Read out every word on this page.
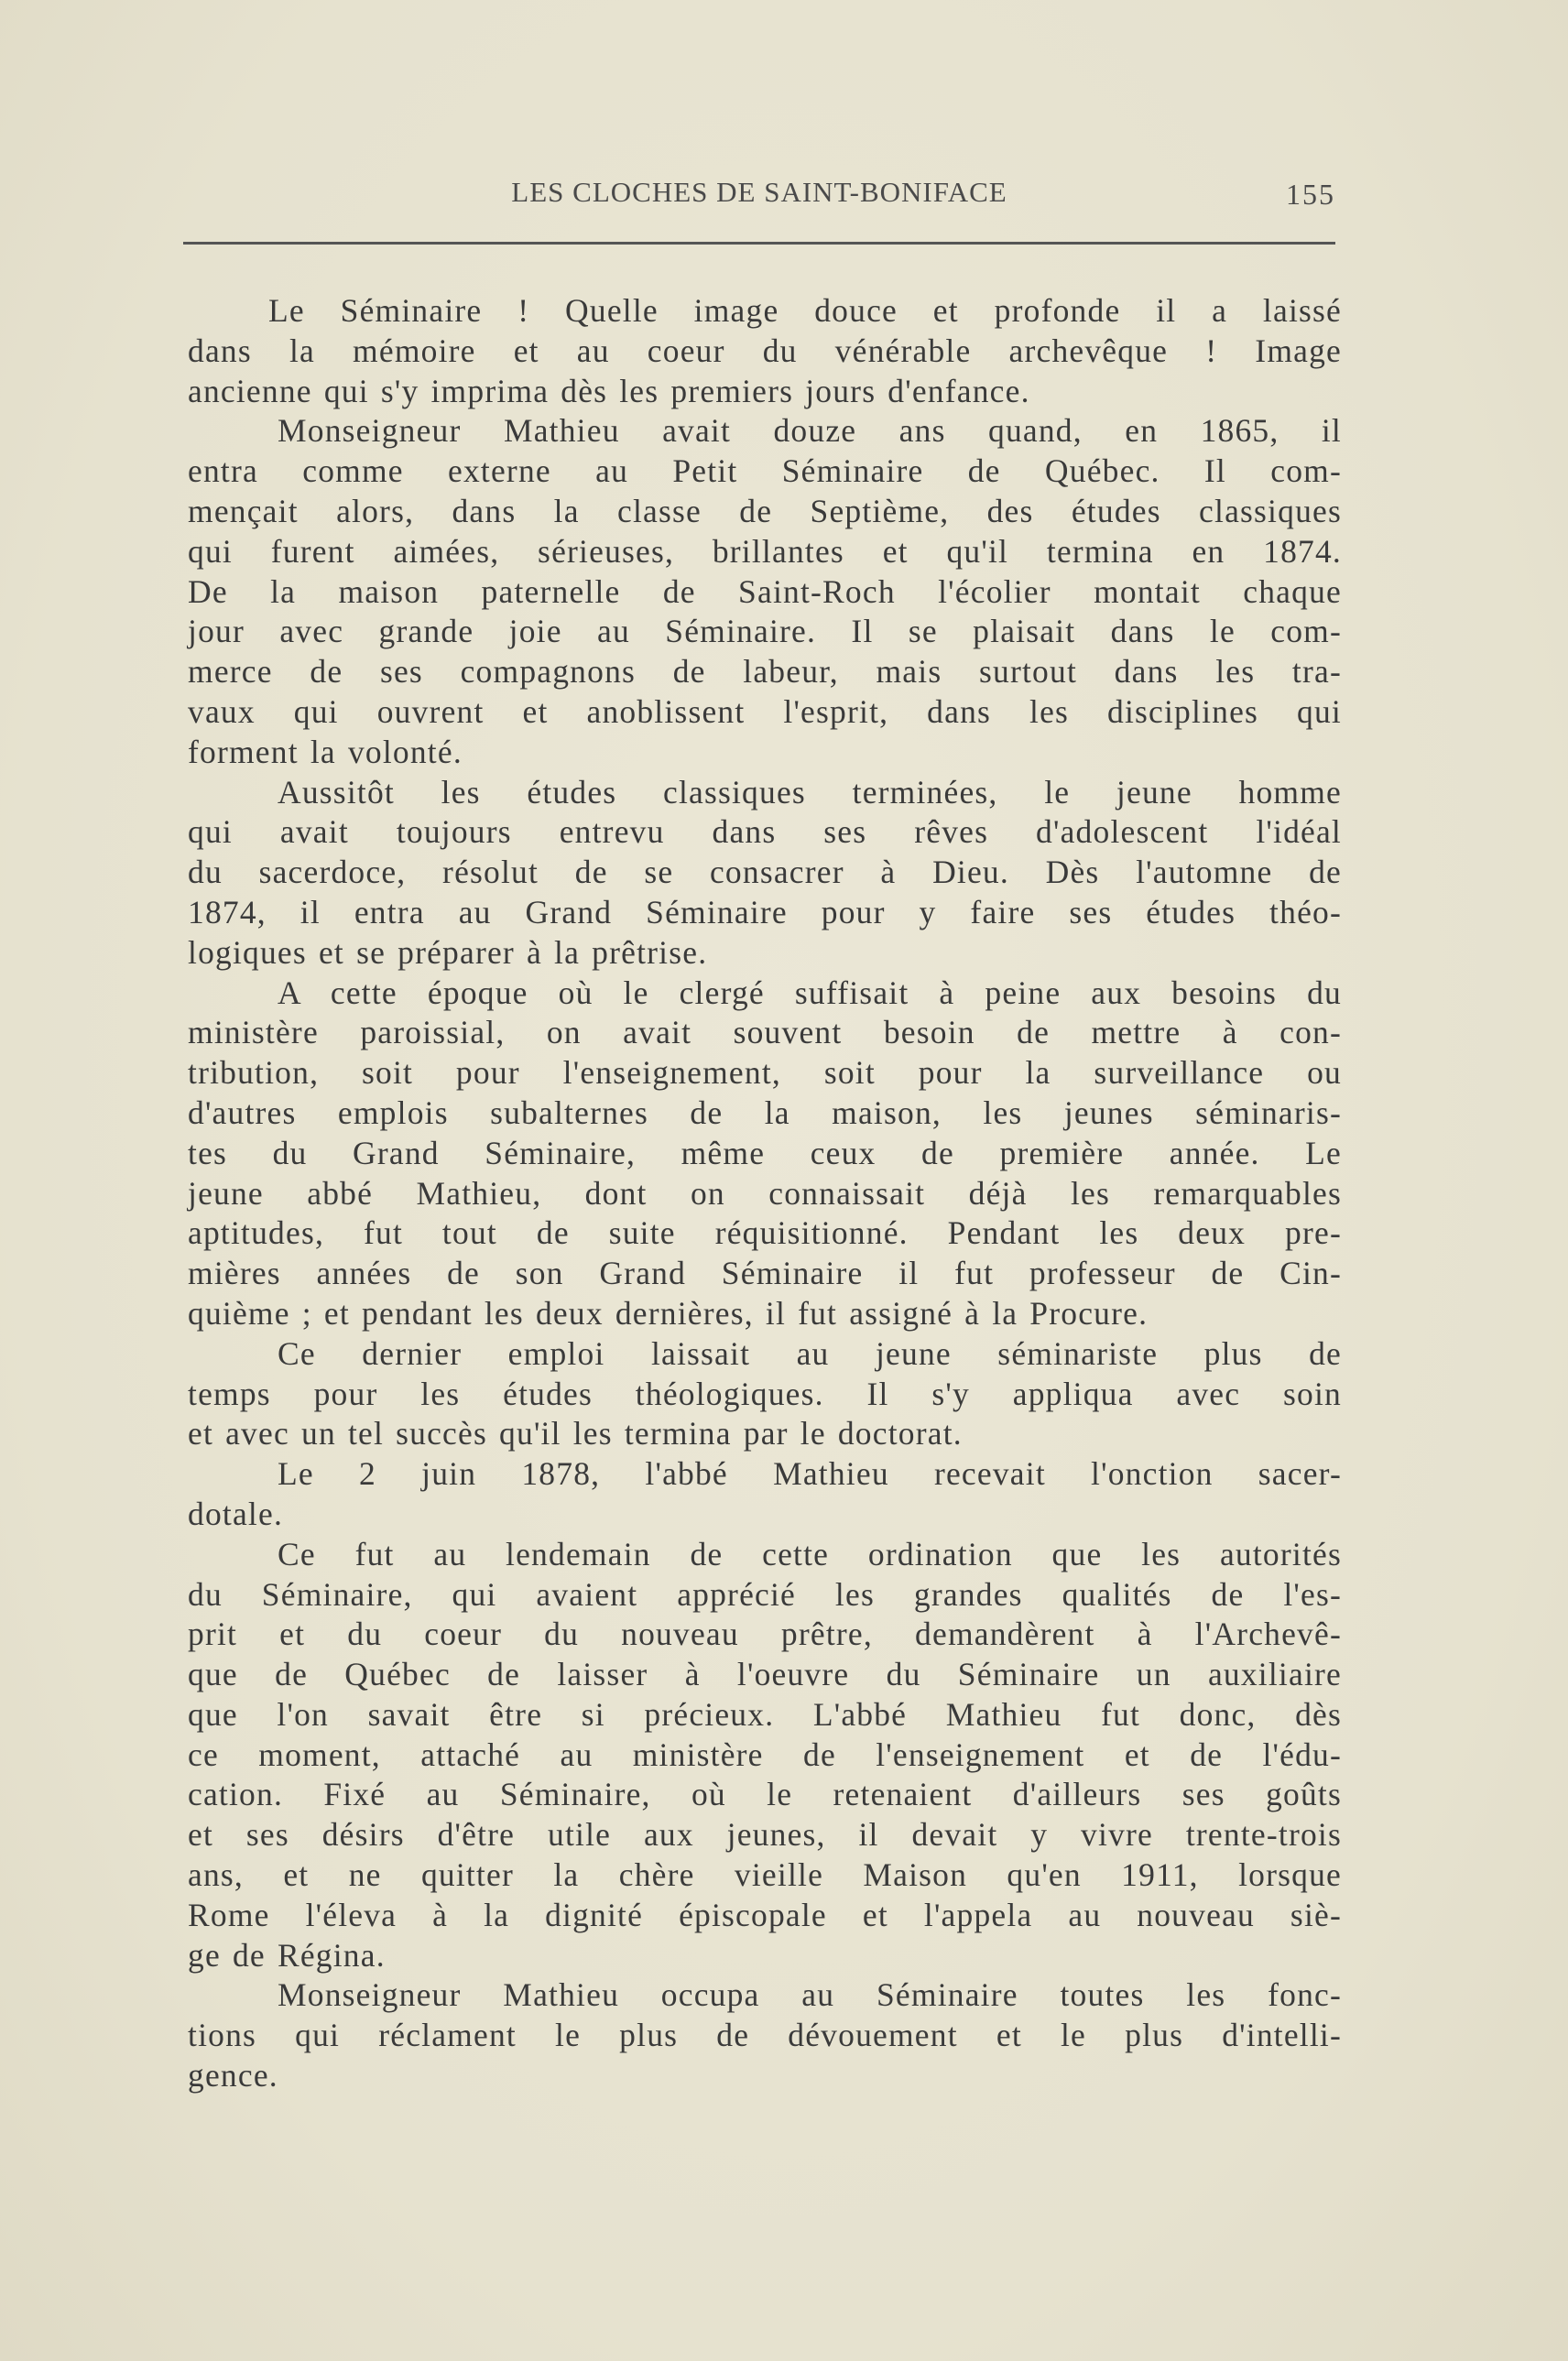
LES CLOCHES DE SAINT-BONIFACE	155
Le Séminaire ! Quelle image douce et profonde il a laissé
dans la mémoire et au coeur du vénérable archevêque ! Image
ancienne qui s'y imprima dès les premiers jours d'enfance.
Monseigneur Mathieu avait douze ans quand, en 1865, il
entra comme externe au Petit Séminaire de Québec. Il com-
mençait alors, dans la classe de Septième, des études classiques
qui furent aimées, sérieuses, brillantes et qu'il termina en 1874.
De la maison paternelle de Saint-Roch l'écolier montait chaque
jour avec grande joie au Séminaire. Il se plaisait dans le com-
merce de ses compagnons de labeur, mais surtout dans les tra-
vaux qui ouvrent et anoblissent l'esprit, dans les disciplines qui
forment la volonté.
Aussitôt les études classiques terminées, le jeune homme
qui avait toujours entrevu dans ses rêves d'adolescent l'idéal
du sacerdoce, résolut de se consacrer à Dieu. Dès l'automne de
1874, il entra au Grand Séminaire pour y faire ses études théo-
logiques et se préparer à la prêtrise.
A cette époque où le clergé suffisait à peine aux besoins du
ministère paroissial, on avait souvent besoin de mettre à con-
tribution, soit pour l'enseignement, soit pour la surveillance ou
d'autres emplois subalternes de la maison, les jeunes séminaris-
tes du Grand Séminaire, même ceux de première année. Le
jeune abbé Mathieu, dont on connaissait déjà les remarquables
aptitudes, fut tout de suite réquisitionné. Pendant les deux pre-
mières années de son Grand Séminaire il fut professeur de Cin-
quième ; et pendant les deux dernières, il fut assigné à la Procure.
Ce dernier emploi laissait au jeune séminariste plus de
temps pour les études théologiques. Il s'y appliqua avec soin
et avec un tel succès qu'il les termina par le doctorat.
Le 2 juin 1878, l'abbé Mathieu recevait l'onction sacer-
dotale.
Ce fut au lendemain de cette ordination que les autorités
du Séminaire, qui avaient apprécié les grandes qualités de l'es-
prit et du coeur du nouveau prêtre, demandèrent à l'Archevê-
que de Québec de laisser à l'oeuvre du Séminaire un auxiliaire
que l'on savait être si précieux. L'abbé Mathieu fut donc, dès
ce moment, attaché au ministère de l'enseignement et de l'édu-
cation. Fixé au Séminaire, où le retenaient d'ailleurs ses goûts
et ses désirs d'être utile aux jeunes, il devait y vivre trente-trois
ans, et ne quitter la chère vieille Maison qu'en 1911, lorsque
Rome l'éleva à la dignité épiscopale et l'appela au nouveau siè-
ge de Régina.
Monseigneur Mathieu occupa au Séminaire toutes les fonc-
tions qui réclament le plus de dévouement et le plus d'intelli-
gence.
